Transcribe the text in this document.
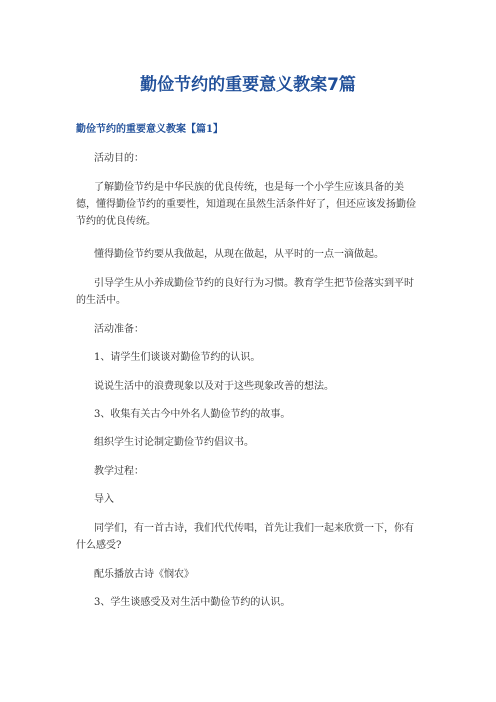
勤俭节约的重要意义教案7篇
勤俭节约的重要意义教案【篇1】

活动目的：

了解勤俭节约是中华民族的优良传统，也是每一个小学生应该具备的美德，懂得勤俭节约的重要性，知道现在虽然生活条件好了，但还应该发扬勤俭节约的优良传统。

懂得勤俭节约要从我做起，从现在做起，从平时的一点一滴做起。

引导学生从小养成勤俭节约的良好行为习惯。教育学生把节俭落实到平时的生活中。

活动准备：

1、请学生们谈谈对勤俭节约的认识。

说说生活中的浪费现象以及对于这些现象改善的想法。

3、收集有关古今中外名人勤俭节约的故事。

组织学生讨论制定勤俭节约倡议书。

教学过程：

导入

同学们，有一首古诗，我们代代传唱，首先让我们一起来欣赏一下，你有什么感受?

配乐播放古诗《悯农》

3、学生谈感受及对生活中勤俭节约的认识。
